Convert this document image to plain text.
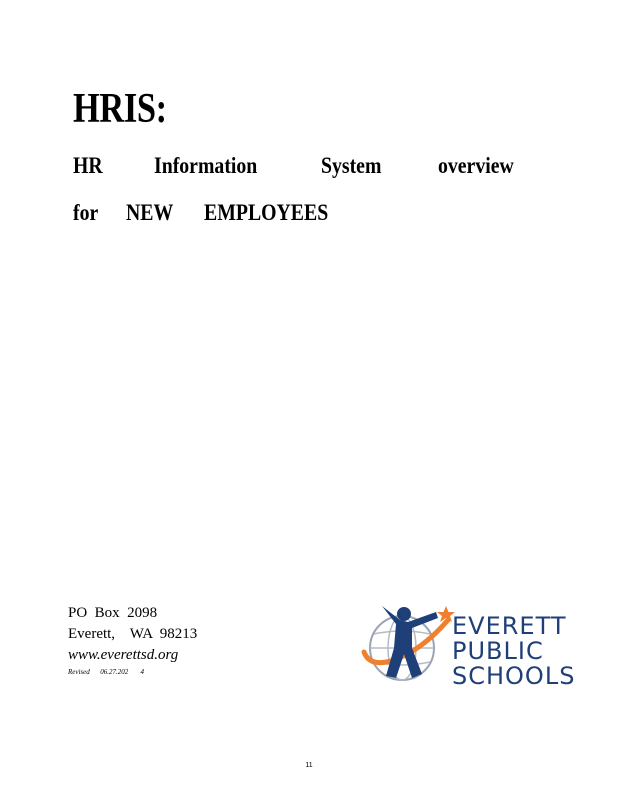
HRIS:
HR Information	System overview
for NEW EMPLOYEES
PO  Box  2098
Everett,    WA  98213
www.everettsd.org
Revised      06.27.202       4
EVERETT
PUBLIC
SCHOOLS
11
